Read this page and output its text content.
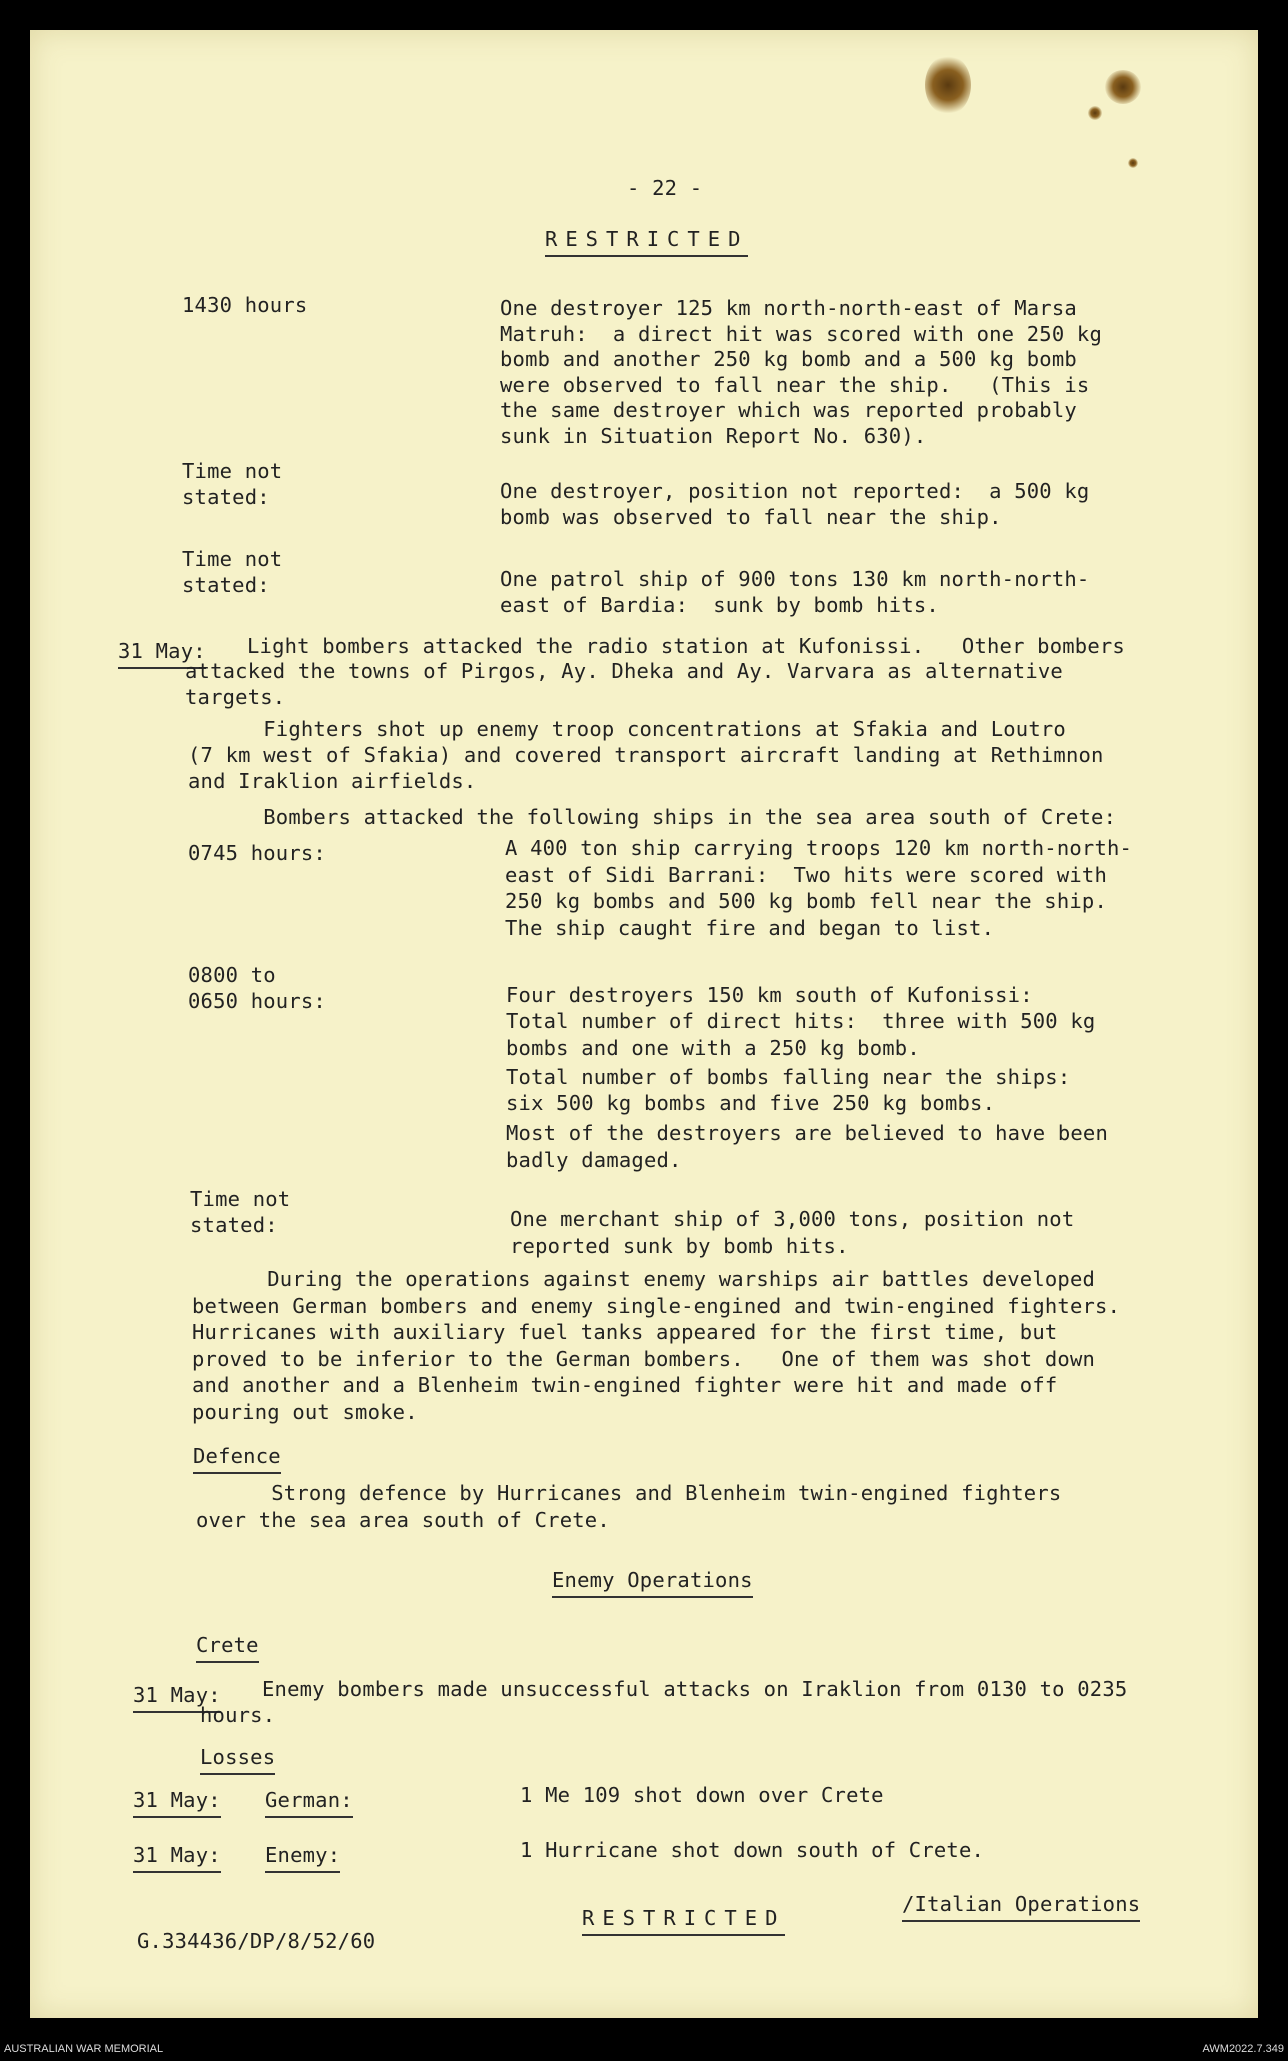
- 22 -
RESTRICTED
1430 hours	One destroyer 125 km north-north-east of Marsa
Matruh:  a direct hit was scored with one 250 kg
bomb and another 250 kg bomb and a 500 kg bomb
were observed to fall near the ship.   (This is
the same destroyer which was reported probably
sunk in Situation Report No. 630).
Time not
stated:	One destroyer, position not reported:  a 500 kg
bomb was observed to fall near the ship.
Time not
stated:	One patrol ship of 900 tons 130 km north-north-
east of Bardia:  sunk by bomb hits.
31 May: Light bombers attacked the radio station at Kufonissi.   Other bombers
attacked the towns of Pirgos, Ay. Dheka and Ay. Varvara as alternative
targets.
Fighters shot up enemy troop concentrations at Sfakia and Loutro
(7 km west of Sfakia) and covered transport aircraft landing at Rethimnon
and Iraklion airfields.
Bombers attacked the following ships in the sea area south of Crete:
0745 hours:	A 400 ton ship carrying troops 120 km north-north-
east of Sidi Barrani:  Two hits were scored with
250 kg bombs and 500 kg bomb fell near the ship.
The ship caught fire and began to list.
0800 to
0650 hours:	Four destroyers 150 km south of Kufonissi:
Total number of direct hits:  three with 500 kg
bombs and one with a 250 kg bomb.
Total number of bombs falling near the ships:
six 500 kg bombs and five 250 kg bombs.
Most of the destroyers are believed to have been
badly damaged.
Time not
stated:	One merchant ship of 3,000 tons, position not
reported sunk by bomb hits.
During the operations against enemy warships air battles developed
between German bombers and enemy single-engined and twin-engined fighters.
Hurricanes with auxiliary fuel tanks appeared for the first time, but
proved to be inferior to the German bombers.   One of them was shot down
and another and a Blenheim twin-engined fighter were hit and made off
pouring out smoke.
Defence
Strong defence by Hurricanes and Blenheim twin-engined fighters
over the sea area south of Crete.
Enemy Operations
Crete
31 May: Enemy bombers made unsuccessful attacks on Iraklion from 0130 to 0235
hours.
Losses
31 May: German:	1 Me 109 shot down over Crete
31 May: Enemy:	1 Hurricane shot down south of Crete.
RESTRICTED
/Italian Operations
G.334436/DP/8/52/60
AUSTRALIAN WAR MEMORIAL	AWM2022.7.349
